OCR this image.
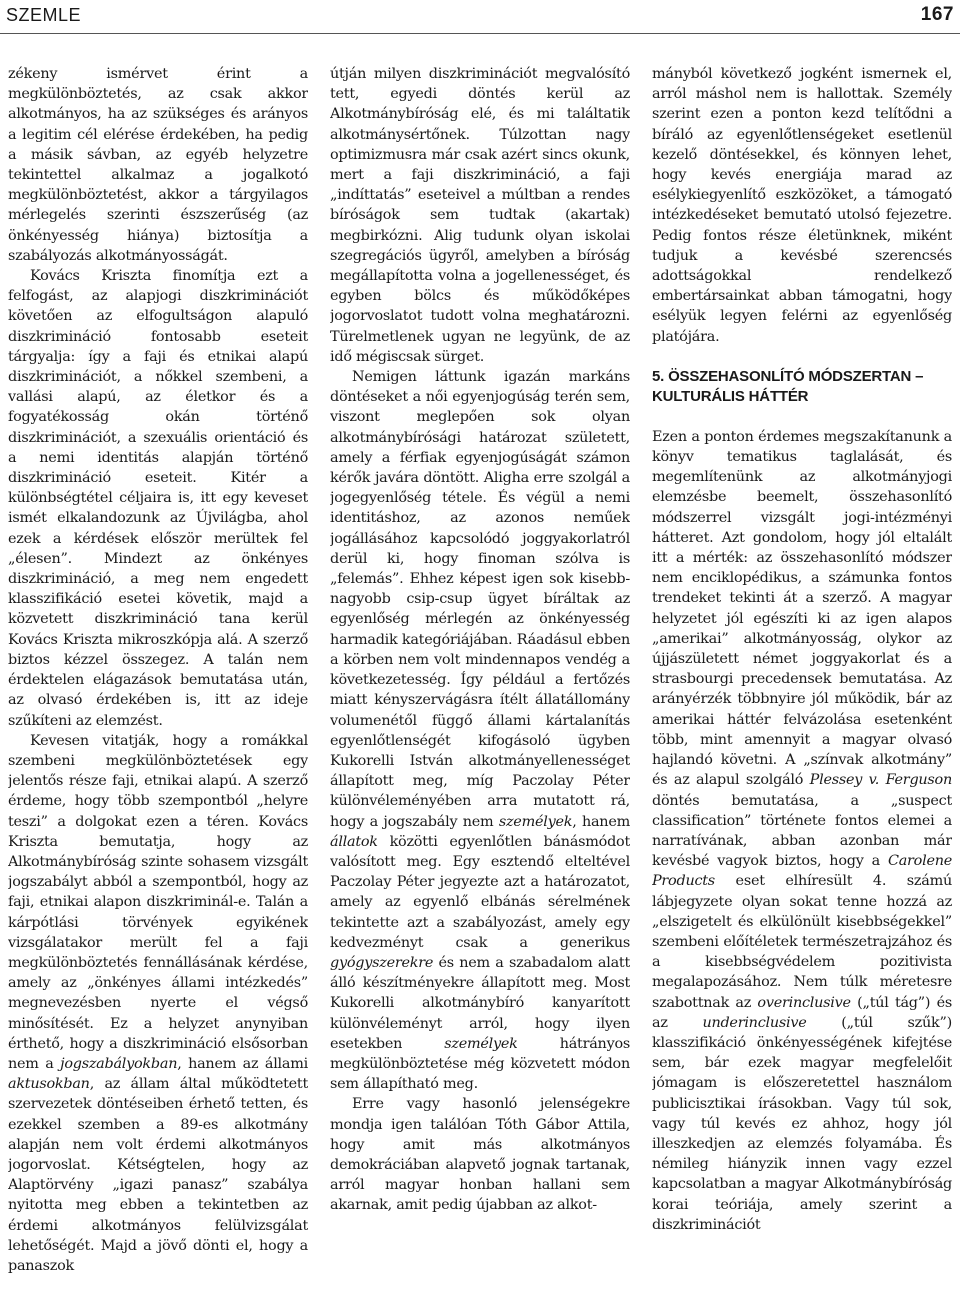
SZEMLE	167

zékeny ismérvet érint a megkülönböztetés, az csak akkor alkotmányos, ha az szükséges és arányos a legitim cél elérése érdekében, ha pedig a másik sávban, az egyéb helyzetre tekintettel alkalmaz a jogalkotó megkülönböztetést, akkor a tárgyilagos mérlegelés szerinti észszerűség (az önkényesség hiánya) biztosítja a szabályozás alkotmányosságát.

Kovács Kriszta finomítja ezt a felfogást, az alapjogi diszkriminációt követően az elfogultságon alapuló diszkrimináció fontosabb eseteit tárgyalja: így a faji és etnikai alapú diszkriminációt, a nőkkel szembeni, a vallási alapú, az életkor és a fogyatékosság okán történő diszkriminációt, a szexuális orientáció és a nemi identitás alapján történő diszkrimináció eseteit. Kitér a különbségtétel céljaira is, itt egy keveset ismét elkalandozunk az Újvilágba, ahol ezek a kérdések először merültek fel „élesen”. Mindezt az önkényes diszkrimináció, a meg nem engedett klasszifikáció esetei követik, majd a közvetett diszkrimináció tana kerül Kovács Kriszta mikroszkópja alá. A szerző biztos kézzel összegez. A talán nem érdektelen elágazások bemutatása után, az olvasó érdekében is, itt az ideje szűkíteni az elemzést.

Kevesen vitatják, hogy a romákkal szembeni megkülönböztetések egy jelentős része faji, etnikai alapú. A szerző érdeme, hogy több szempontból „helyre teszi” a dolgokat ezen a téren. Kovács Kriszta bemutatja, hogy az Alkotmánybíróság szinte sohasem vizsgált jogszabályt abból a szempontból, hogy az faji, etnikai alapon diszkriminál-e. Talán a kárpótlási törvények egyikének vizsgálatakor merült fel a faji megkülönböztetés fennállásának kérdése, amely az „önkényes állami intézkedés” megnevezésben nyerte el végső minősítését. Ez a helyzet anynyiban érthető, hogy a diszkrimináció elsősorban nem a jogszabályokban, hanem az állami aktusokban, az állam által működtetett szervezetek döntéseiben érhető tetten, és ezekkel szemben a 89-es alkotmány alapján nem volt érdemi alkotmányos jogorvoslat. Kétségtelen, hogy az Alaptörvény „igazi panasz” szabálya nyitotta meg ebben a tekintetben az érdemi alkotmányos felülvizsgálat lehetőségét. Majd a jövő dönti el, hogy a panaszok

útján milyen diszkriminációt megvalósító tett, egyedi döntés kerül az Alkotmánybíróság elé, és mi találtatik alkotmánysértőnek. Túlzottan nagy optimizmusra már csak azért sincs okunk, mert a faji diszkrimináció, a faji „indíttatás” eseteivel a múltban a rendes bíróságok sem tudtak (akartak) megbirkózni. Alig tudunk olyan iskolai szegregációs ügyről, amelyben a bíróság megállapította volna a jogellenességet, és egyben bölcs és működőképes jogorvoslatot tudott volna meghatározni. Türelmetlenek ugyan ne legyünk, de az idő mégiscsak sürget.

Nemigen láttunk igazán markáns döntéseket a női egyenjogúság terén sem, viszont meglepően sok olyan alkotmánybírósági határozat született, amely a férfiak egyenjogúságát számon kérők javára döntött. Aligha erre szolgál a jogegyenlőség tétele. És végül a nemi identitáshoz, az azonos neműek jogállásához kapcsolódó joggyakorlatról derül ki, hogy finoman szólva is „felemás”. Ehhez képest igen sok kisebb-nagyobb csip-csup ügyet bíráltak az egyenlőség mérlegén az önkényesség harmadik kategóriájában. Ráadásul ebben a körben nem volt mindennapos vendég a következetesség. Így például a fertőzés miatt kényszervágásra ítélt állatállomány volumenétől függő állami kártalanítás egyenlőtlenségét kifogásoló ügyben Kukorelli István alkotmányellenességet állapított meg, míg Paczolay Péter különvéleményében arra mutatott rá, hogy a jogszabály nem személyek, hanem állatok közötti egyenlőtlen bánásmódot valósított meg. Egy esztendő elteltével Paczolay Péter jegyezte azt a határozatot, amely az egyenlő elbánás sérelmének tekintette azt a szabályozást, amely egy kedvezményt csak a generikus gyógyszerekre és nem a szabadalom alatt álló készítményekre állapított meg. Most Kukorelli alkotmánybíró kanyarított különvéleményt arról, hogy ilyen esetekben személyek hátrányos megkülönböztetése még közvetett módon sem állapítható meg.

Erre vagy hasonló jelenségekre mondja igen találóan Tóth Gábor Attila, hogy amit más alkotmányos demokráciában alapvető jognak tartanak, arról magyar honban hallani sem akarnak, amit pedig újabban az alkot-

mányból következő jogként ismernek el, arról máshol nem is hallottak. Személy szerint ezen a ponton kezd telítődni a bíráló az egyenlőtlenségeket esetlenül kezelő döntésekkel, és könnyen lehet, hogy kevés energiája marad az esélykiegyenlítő eszközöket, a támogató intézkedéseket bemutató utolsó fejezetre. Pedig fontos része életünknek, miként tudjuk a kevésbé szerencsés adottságokkal rendelkező embertársainkat abban támogatni, hogy esélyük legyen felérni az egyenlőség platójára.

5. ÖSSZEHASONLÍTÓ MÓDSZERTAN – KULTURÁLIS HÁTTÉR

Ezen a ponton érdemes megszakítanunk a könyv tematikus taglalását, és megemlítenünk az alkotmányjogi elemzésbe beemelt, összehasonlító módszerrel vizsgált jogi-intézményi hátteret. Azt gondolom, hogy jól eltalált itt a mérték: az összehasonlító módszer nem enciklopédikus, a számunka fontos trendeket tekinti át a szerző. A magyar helyzetet jól egészíti ki az igen alapos „amerikai” alkotmányosság, olykor az újjászületett német joggyakorlat és a strasbourgi precedensek bemutatása. Az arányérzék többnyire jól működik, bár az amerikai háttér felvázolása esetenként több, mint amennyit a magyar olvasó hajlandó követni. A „színvak alkotmány” és az alapul szolgáló Plessey v. Ferguson döntés bemutatása, a „suspect classification” története fontos elemei a narratívának, abban azonban már kevésbé vagyok biztos, hogy a Carolene Products eset elhíresült 4. számú lábjegyzete olyan sokat tenne hozzá az „elszigetelt és elkülönült kisebbségekkel” szembeni előítéletek természetrajzához és a kisebbségvédelem pozitivista megalapozásához. Nem túlk méretesre szabottnak az overinclusive („túl tág”) és az underinclusive („túl szűk”) klasszifikáció önkényességének kifejtése sem, bár ezek magyar megfelelőit jómagam is előszeretettel használom publicisztikai írásokban. Vagy túl sok, vagy túl kevés ez ahhoz, hogy jól illeszkedjen az elemzés folyamába. És némileg hiányzik innen vagy ezzel kapcsolatban a magyar Alkotmánybíróság korai teóriája, amely szerint a diszkriminációt
